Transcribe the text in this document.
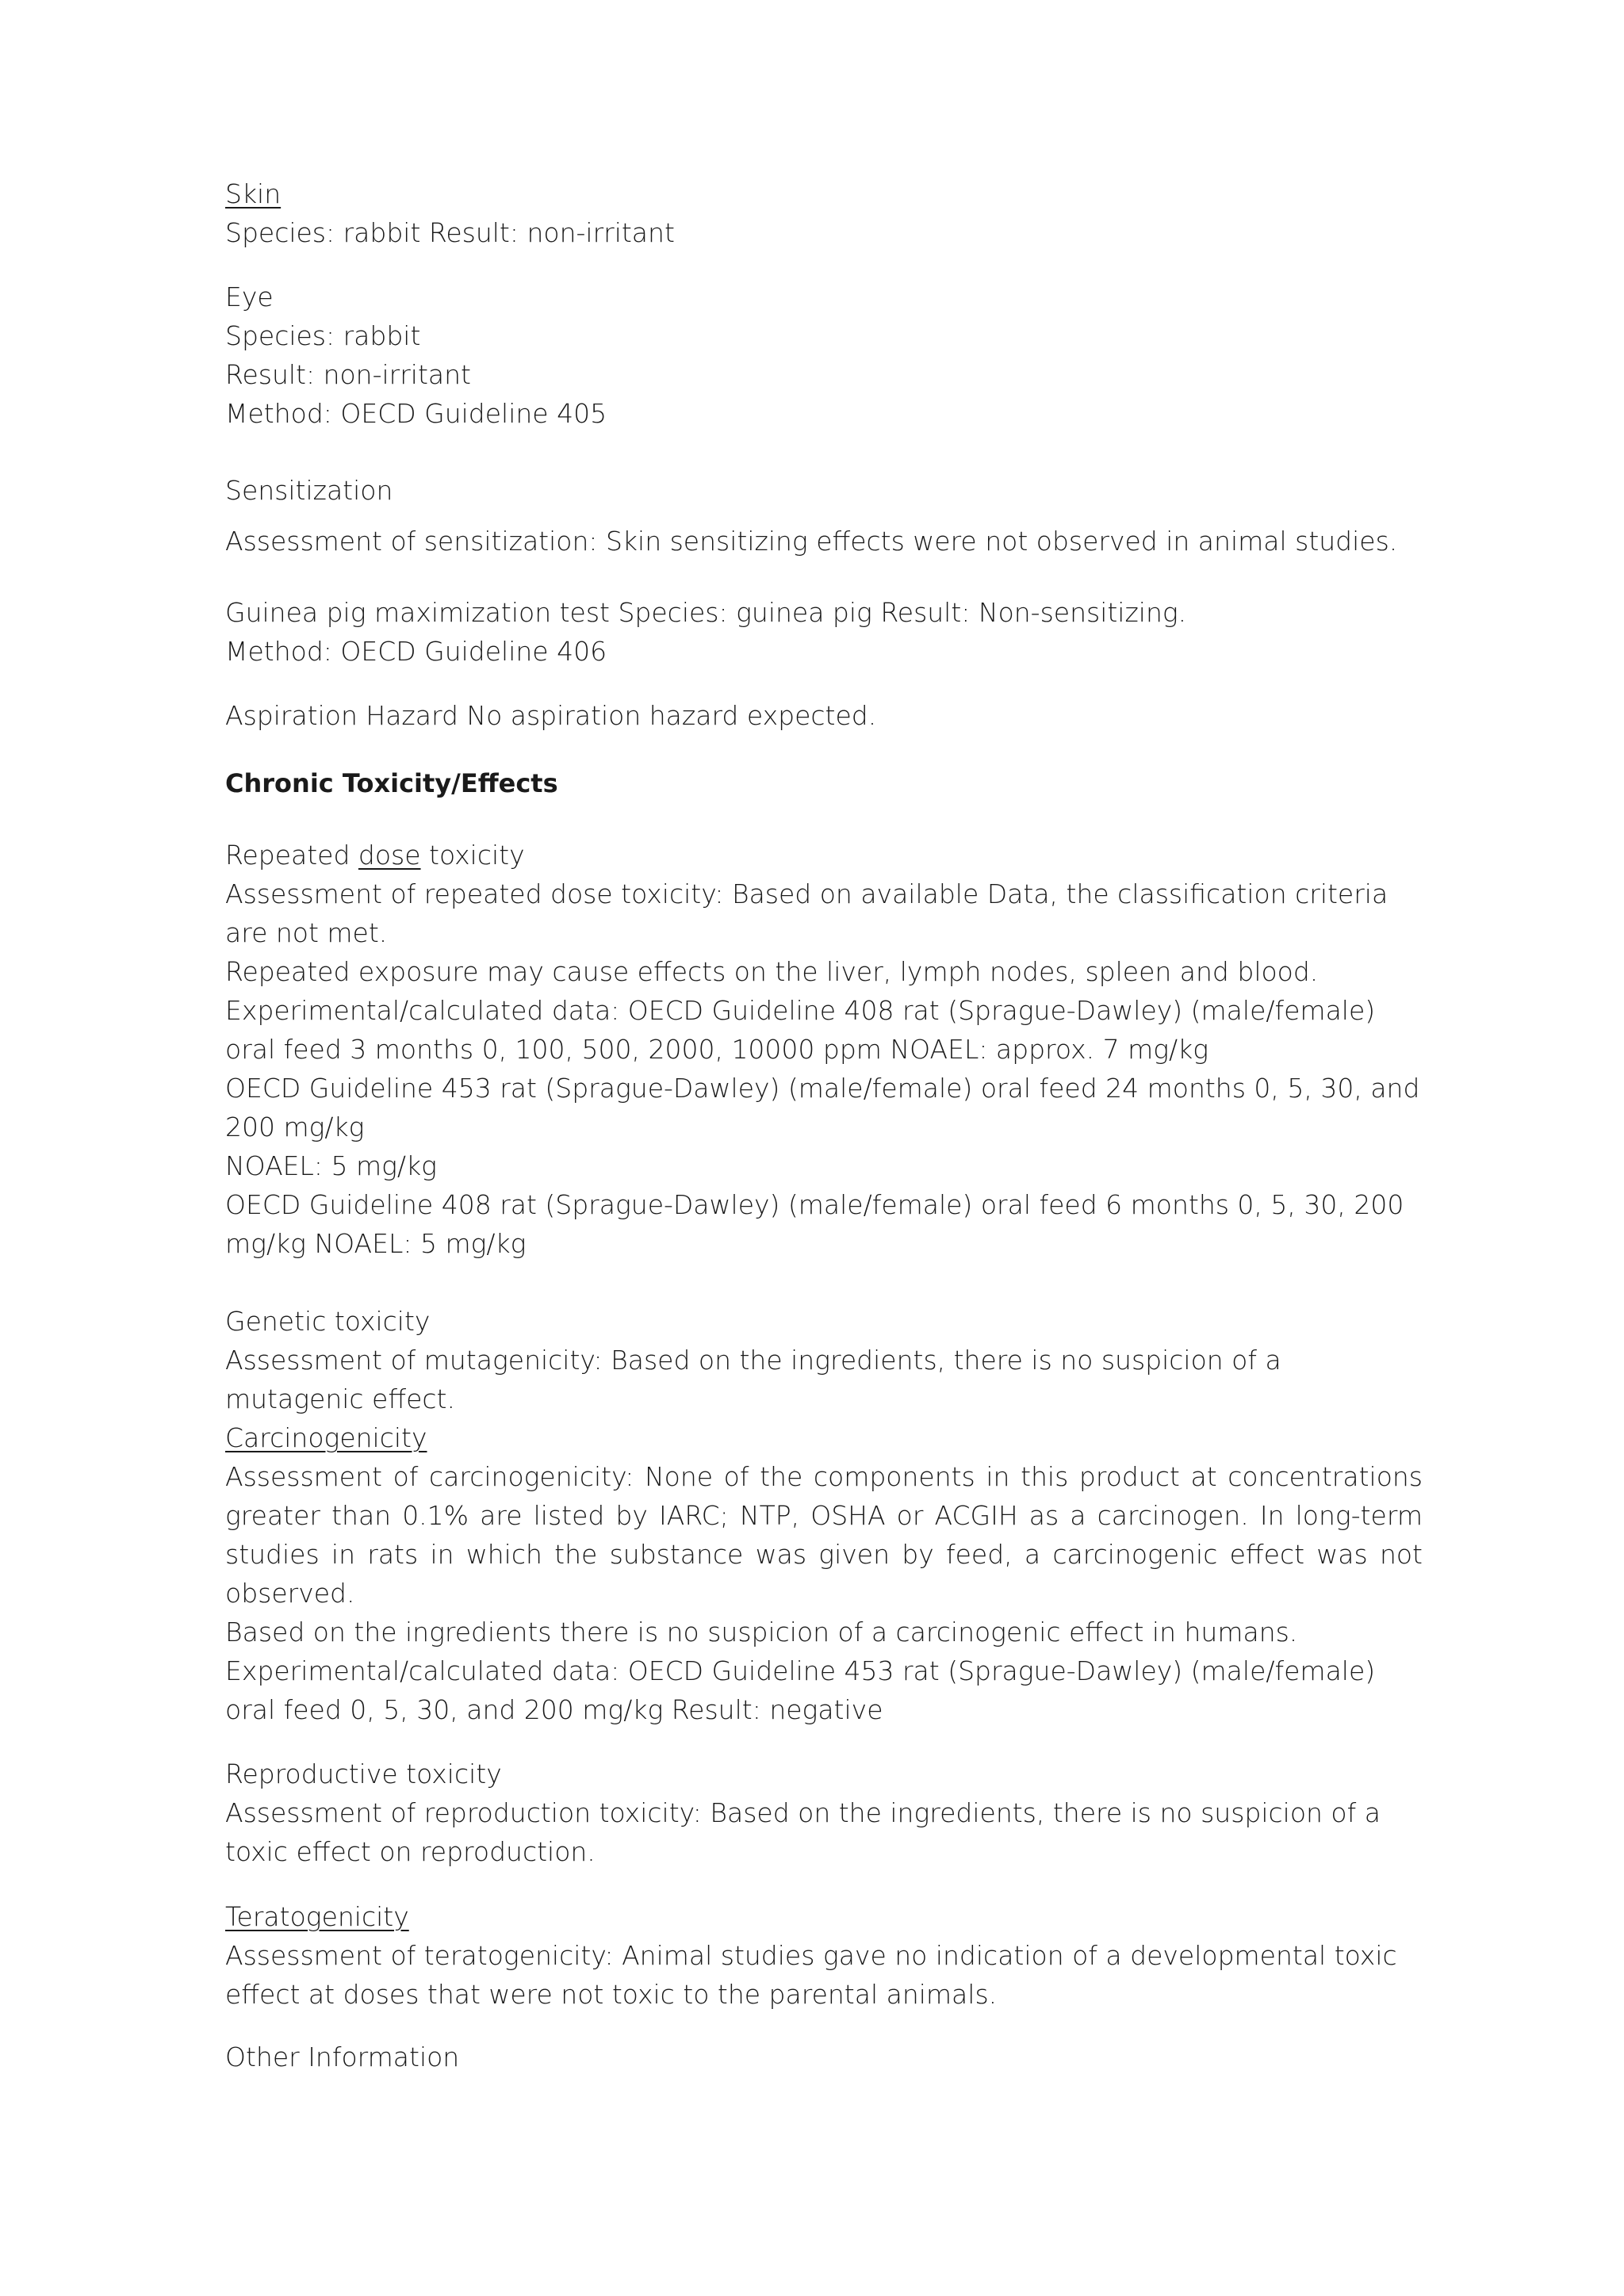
Skin

Species: rabbit Result: non-irritant

Eye

Species: rabbit

Result: non-irritant

Method: OECD Guideline 405

Sensitization

Assessment of sensitization: Skin sensitizing effects were not observed in animal studies.

Guinea pig maximization test Species: guinea pig Result: Non-sensitizing.

Method: OECD Guideline 406

Aspiration Hazard No aspiration hazard expected.

Chronic Toxicity/Effects

Repeated dose toxicity

Assessment of repeated dose toxicity: Based on available Data, the classification criteria

are not met.

Repeated exposure may cause effects on the liver, lymph nodes, spleen and blood.

Experimental/calculated data: OECD Guideline 408 rat (Sprague-Dawley) (male/female)

oral feed 3 months 0, 100, 500, 2000, 10000 ppm NOAEL: approx. 7 mg/kg

OECD Guideline 453 rat (Sprague-Dawley) (male/female) oral feed 24 months 0, 5, 30, and

200 mg/kg

NOAEL: 5 mg/kg

OECD Guideline 408 rat (Sprague-Dawley) (male/female) oral feed 6 months 0, 5, 30, 200

mg/kg NOAEL: 5 mg/kg

Genetic toxicity

Assessment of mutagenicity: Based on the ingredients, there is no suspicion of a

mutagenic effect.

Carcinogenicity

Assessment of carcinogenicity: None of the components in this product at concentrations

greater than 0.1% are listed by IARC; NTP, OSHA or ACGIH as a carcinogen. In long-term

studies in rats in which the substance was given by feed, a carcinogenic effect was not

observed.

Based on the ingredients there is no suspicion of a carcinogenic effect in humans.

Experimental/calculated data: OECD Guideline 453 rat (Sprague-Dawley) (male/female)

oral feed 0, 5, 30, and 200 mg/kg Result: negative

Reproductive toxicity

Assessment of reproduction toxicity: Based on the ingredients, there is no suspicion of a

toxic effect on reproduction.

Teratogenicity

Assessment of teratogenicity: Animal studies gave no indication of a developmental toxic

effect at doses that were not toxic to the parental animals.

Other Information
